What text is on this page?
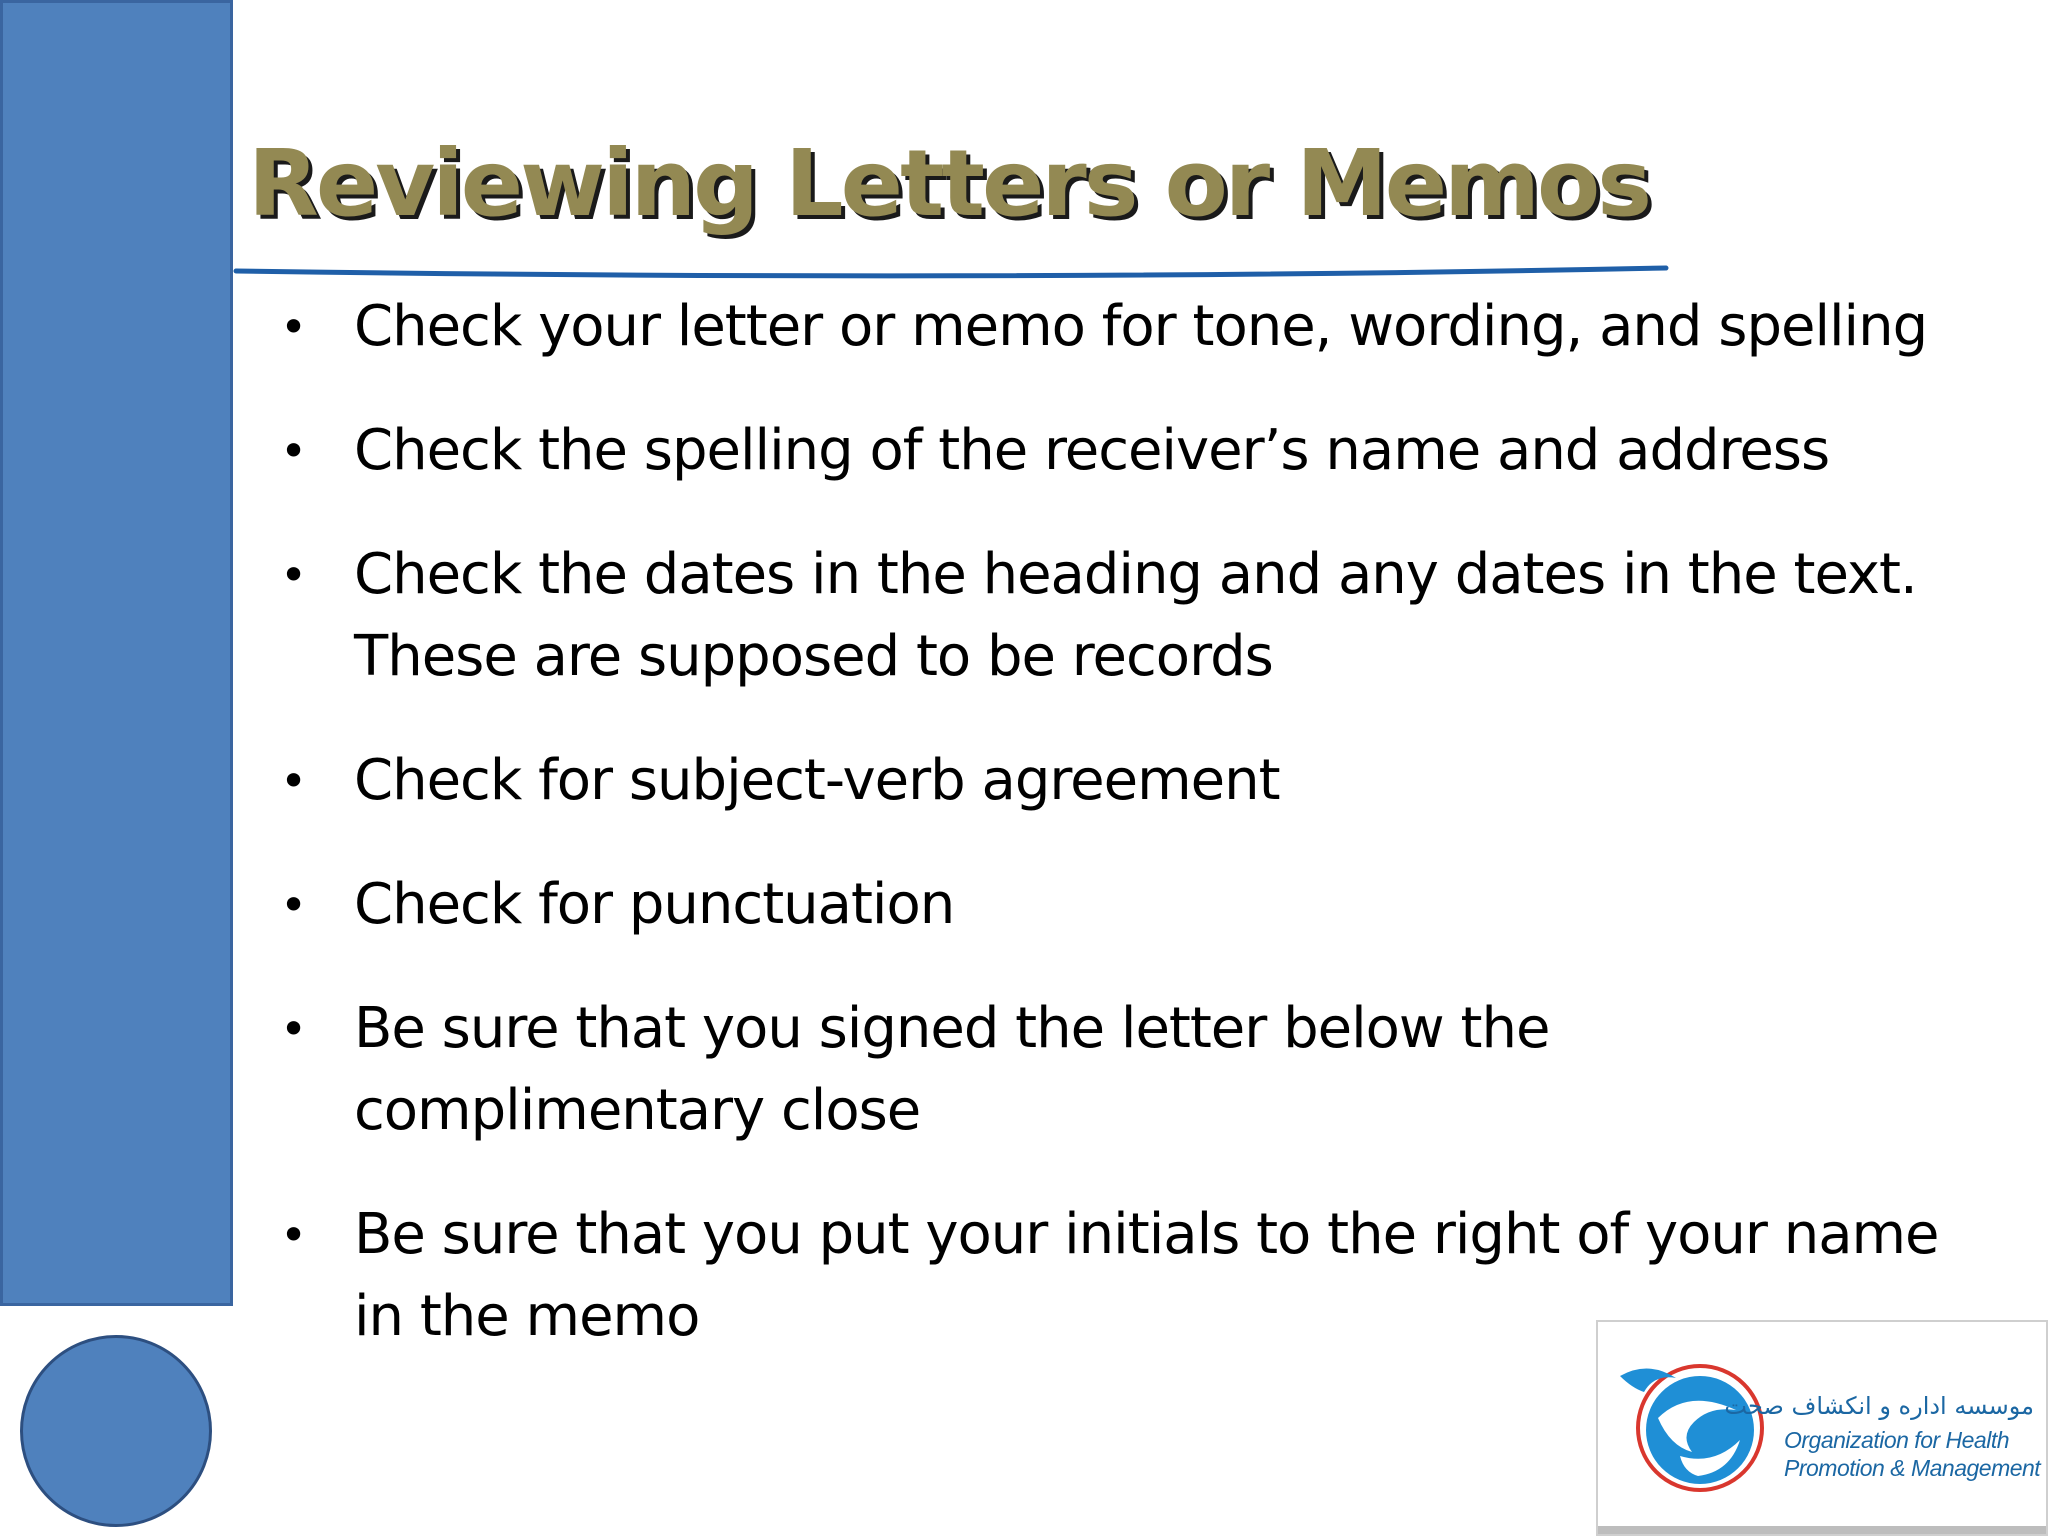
Reviewing Letters or Memos
• Check your letter or memo for tone, wording, and spelling
• Check the spelling of the receiver’s name and address
• Check the dates in the heading and any dates in the text.
These are supposed to be records
• Check for subject-verb agreement
• Check for punctuation
• Be sure that you signed the letter below the
complimentary close
• Be sure that you put your initials to the right of your name
in the memo
موسسه اداره و انکشاف صحت
Organization for Health
Promotion & Management
